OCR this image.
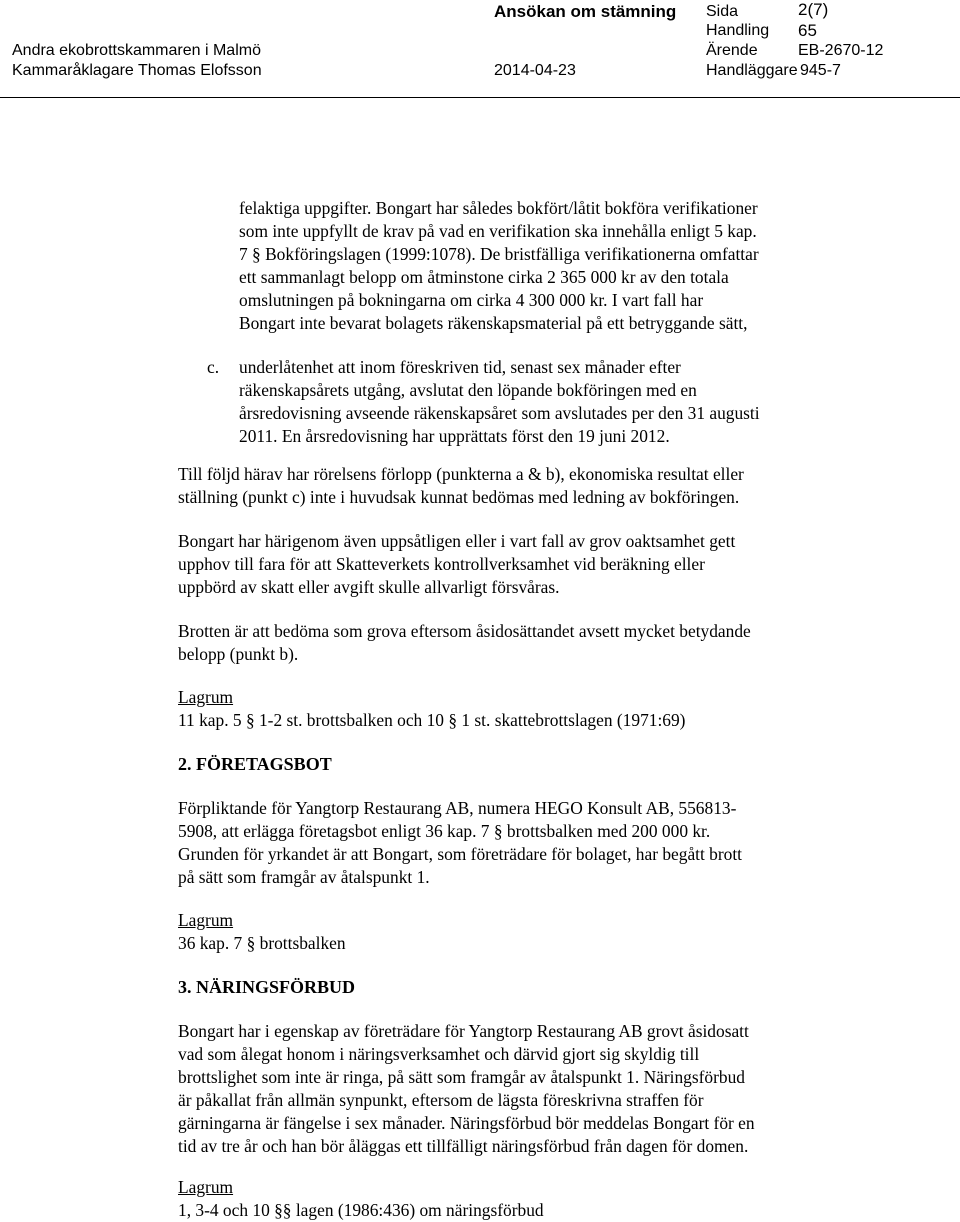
Ansökan om stämning
Andra ekobrottskammaren i Malmö
Kammaråklagare Thomas Elofsson	2014-04-23
Sida	2(7)
Handling 65
Ärende	EB-2670-12
Handläggare 945-7
felaktiga uppgifter. Bongart har således bokfört/låtit bokföra verifikationer
som inte uppfyllt de krav på vad en verifikation ska innehålla enligt 5 kap.
7 § Bokföringslagen (1999:1078). De bristfälliga verifikationerna omfattar
ett sammanlagt belopp om åtminstone cirka 2 365 000 kr av den totala
omslutningen på bokningarna om cirka 4 300 000 kr. I vart fall har
Bongart inte bevarat bolagets räkenskapsmaterial på ett betryggande sätt,
c. underlåtenhet att inom föreskriven tid, senast sex månader efter
räkenskapsårets utgång, avslutat den löpande bokföringen med en
årsredovisning avseende räkenskapsåret som avslutades per den 31 augusti
2011. En årsredovisning har upprättats först den 19 juni 2012.
Till följd härav har rörelsens förlopp (punkterna a & b), ekonomiska resultat eller
ställning (punkt c) inte i huvudsak kunnat bedömas med ledning av bokföringen.
Bongart har härigenom även uppsåtligen eller i vart fall av grov oaktsamhet gett
upphov till fara för att Skatteverkets kontrollverksamhet vid beräkning eller
uppbörd av skatt eller avgift skulle allvarligt försvåras.
Brotten är att bedöma som grova eftersom åsidosättandet avsett mycket betydande
belopp (punkt b).
Lagrum
11 kap. 5 § 1-2 st. brottsbalken och 10 § 1 st. skattebrottslagen (1971:69)
2. FÖRETAGSBOT
Förpliktande för Yangtorp Restaurang AB, numera HEGO Konsult AB, 556813-
5908, att erlägga företagsbot enligt 36 kap. 7 § brottsbalken med 200 000 kr.
Grunden för yrkandet är att Bongart, som företrädare för bolaget, har begått brott
på sätt som framgår av åtalspunkt 1.
Lagrum
36 kap. 7 § brottsbalken
3. NÄRINGSFÖRBUD
Bongart har i egenskap av företrädare för Yangtorp Restaurang AB grovt åsidosatt
vad som ålegat honom i näringsverksamhet och därvid gjort sig skyldig till
brottslighet som inte är ringa, på sätt som framgår av åtalspunkt 1. Näringsförbud
är påkallat från allmän synpunkt, eftersom de lägsta föreskrivna straffen för
gärningarna är fängelse i sex månader. Näringsförbud bör meddelas Bongart för en
tid av tre år och han bör åläggas ett tillfälligt näringsförbud från dagen för domen.
Lagrum
1, 3-4 och 10 §§ lagen (1986:436) om näringsförbud
